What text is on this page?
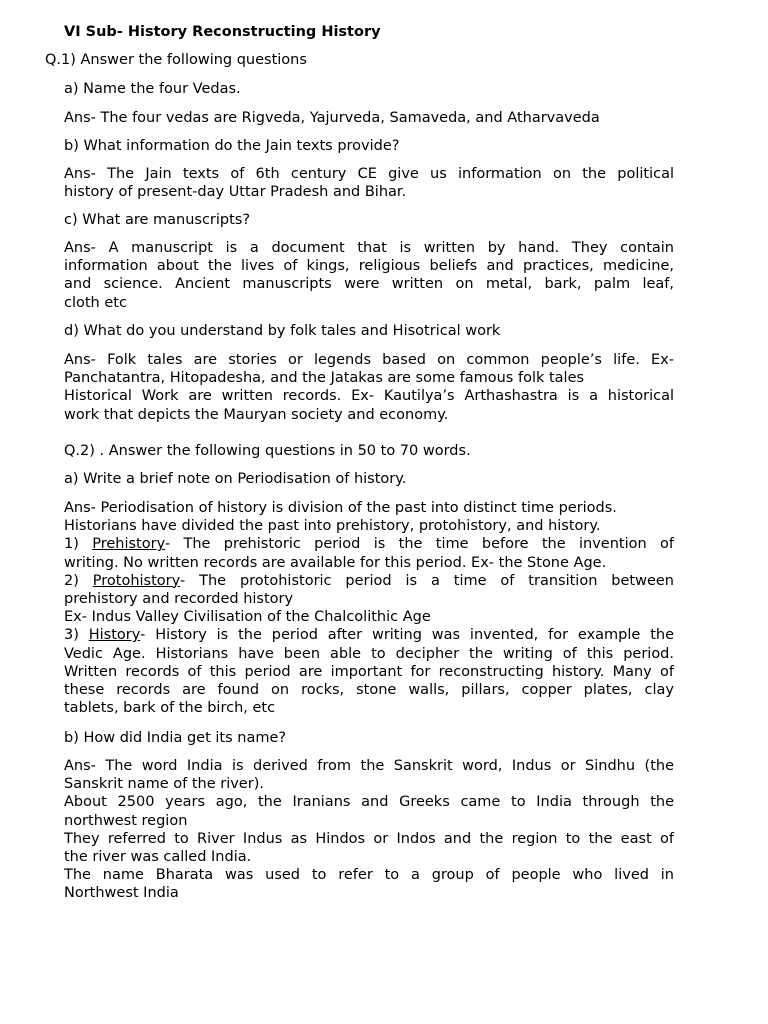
VI Sub- History Reconstructing History
Q.1) Answer the following questions
a) Name the four Vedas.
Ans- The four vedas are Rigveda, Yajurveda, Samaveda, and Atharvaveda
b) What information do the Jain texts provide?
Ans- The Jain texts of 6th century CE give us information on the political
history of present-day Uttar Pradesh and Bihar.
c) What are manuscripts?
Ans- A manuscript is a document that is written by hand. They contain
information about the lives of kings, religious beliefs and practices, medicine,
and science. Ancient manuscripts were written on metal, bark, palm leaf,
cloth etc
d) What do you understand by folk tales and Hisotrical work
Ans- Folk tales are stories or legends based on common people’s life. Ex-
Panchatantra, Hitopadesha, and the Jatakas are some famous folk tales
Historical Work are written records. Ex- Kautilya’s Arthashastra is a historical
work that depicts the Mauryan society and economy.
Q.2) . Answer the following questions in 50 to 70 words.
a) Write a brief note on Periodisation of history.
Ans- Periodisation of history is division of the past into distinct time periods.
Historians have divided the past into prehistory, protohistory, and history.
1) Prehistory- The prehistoric period is the time before the invention of
writing. No written records are available for this period. Ex- the Stone Age.
2) Protohistory- The protohistoric period is a time of transition between
prehistory and recorded history
Ex- Indus Valley Civilisation of the Chalcolithic Age
3) History- History is the period after writing was invented, for example the
Vedic Age. Historians have been able to decipher the writing of this period.
Written records of this period are important for reconstructing history. Many of
these records are found on rocks, stone walls, pillars, copper plates, clay
tablets, bark of the birch, etc
b) How did India get its name?
Ans- The word India is derived from the Sanskrit word, Indus or Sindhu (the
Sanskrit name of the river).
About 2500 years ago, the Iranians and Greeks came to India through the
northwest region
They referred to River Indus as Hindos or Indos and the region to the east of
the river was called India.
The name Bharata was used to refer to a group of people who lived in
Northwest India
